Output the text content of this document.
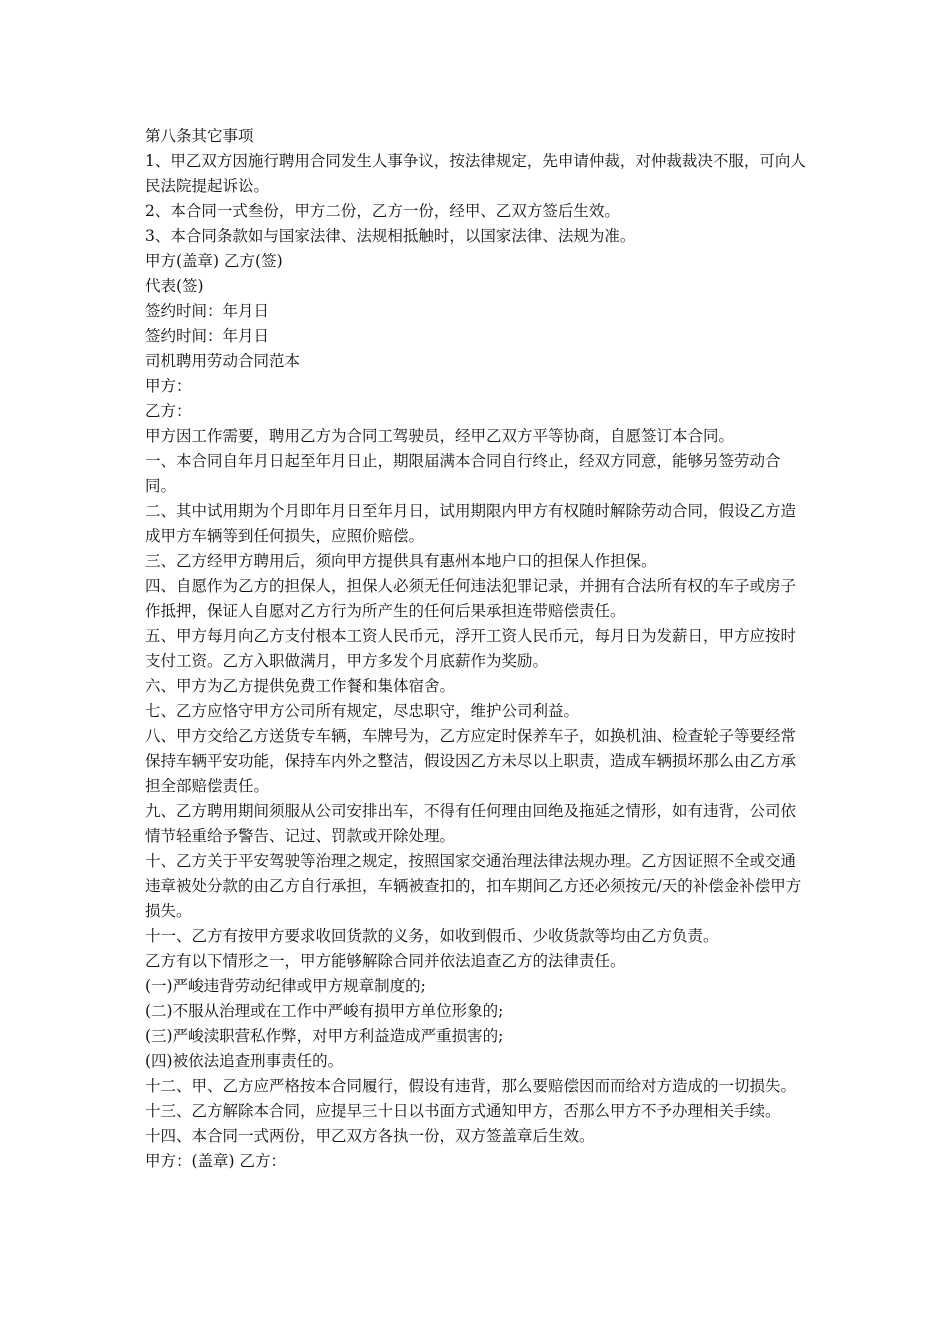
第八条其它事项

1、甲乙双方因施行聘用合同发生人事争议，按法律规定，先申请仲裁，对仲裁裁决不服，可向人民法院提起诉讼。

2、本合同一式叁份，甲方二份，乙方一份，经甲、乙双方签后生效。

3、本合同条款如与国家法律、法规相抵触时，以国家法律、法规为准。

甲方(盖章) 乙方(签)

代表(签)

签约时间：年月日

签约时间：年月日

司机聘用劳动合同范本

甲方：

乙方：

甲方因工作需要，聘用乙方为合同工驾驶员，经甲乙双方平等协商，自愿签订本合同。

一、本合同自年月日起至年月日止，期限届满本合同自行终止，经双方同意，能够另签劳动合同。

二、其中试用期为个月即年月日至年月日，试用期限内甲方有权随时解除劳动合同，假设乙方造成甲方车辆等到任何损失，应照价赔偿。

三、乙方经甲方聘用后，须向甲方提供具有惠州本地户口的担保人作担保。

四、自愿作为乙方的担保人，担保人必须无任何违法犯罪记录，并拥有合法所有权的车子或房子作抵押，保证人自愿对乙方行为所产生的任何后果承担连带赔偿责任。

五、甲方每月向乙方支付根本工资人民币元，浮开工资人民币元，每月日为发薪日，甲方应按时支付工资。乙方入职做满月，甲方多发个月底薪作为奖励。

六、甲方为乙方提供免费工作餐和集体宿舍。

七、乙方应恪守甲方公司所有规定，尽忠职守，维护公司利益。

八、甲方交给乙方送货专车辆，车牌号为，乙方应定时保养车子，如换机油、检查轮子等要经常保持车辆平安功能，保持车内外之整洁，假设因乙方未尽以上职责，造成车辆损坏那么由乙方承担全部赔偿责任。

九、乙方聘用期间须服从公司安排出车，不得有任何理由回绝及拖延之情形，如有违背，公司依情节轻重给予警告、记过、罚款或开除处理。

十、乙方关于平安驾驶等治理之规定，按照国家交通治理法律法规办理。乙方因证照不全或交通违章被处分款的由乙方自行承担，车辆被查扣的，扣车期间乙方还必须按元/天的补偿金补偿甲方损失。

十一、乙方有按甲方要求收回货款的义务，如收到假币、少收货款等均由乙方负责。

乙方有以下情形之一，甲方能够解除合同并依法追查乙方的法律责任。

(一)严峻违背劳动纪律或甲方规章制度的;

(二)不服从治理或在工作中严峻有损甲方单位形象的;

(三)严峻渎职营私作弊，对甲方利益造成严重损害的;

(四)被依法追查刑事责任的。

十二、甲、乙方应严格按本合同履行，假设有违背，那么要赔偿因而而给对方造成的一切损失。

十三、乙方解除本合同，应提早三十日以书面方式通知甲方，否那么甲方不予办理相关手续。

十四、本合同一式两份，甲乙双方各执一份，双方签盖章后生效。

甲方：(盖章) 乙方：
